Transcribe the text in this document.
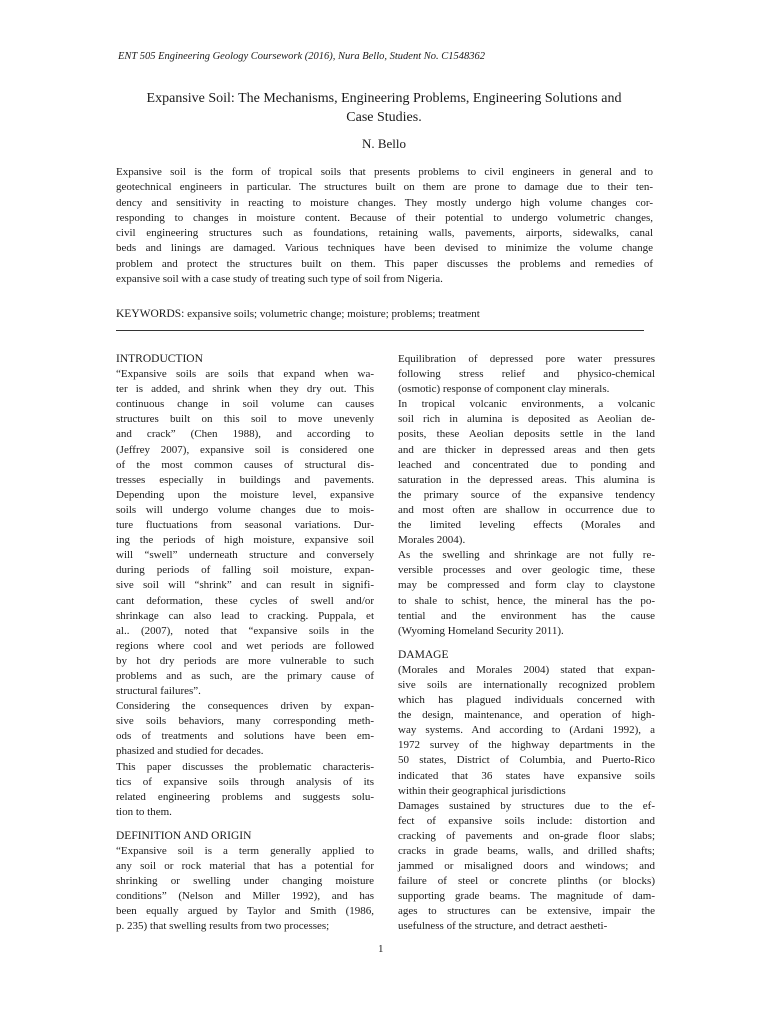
ENT 505 Engineering Geology Coursework (2016), Nura Bello, Student No. C1548362
Expansive Soil: The Mechanisms, Engineering Problems, Engineering Solutions and
Case Studies.
N. Bello
Expansive soil is the form of tropical soils that presents problems to civil engineers in general and to
geotechnical engineers in particular. The structures built on them are prone to damage due to their ten-
dency and sensitivity in reacting to moisture changes. They mostly undergo high volume changes cor-
responding to changes in moisture content. Because of their potential to undergo volumetric changes,
civil engineering structures such as foundations, retaining walls, pavements, airports, sidewalks, canal
beds and linings are damaged. Various techniques have been devised to minimize the volume change
problem and protect the structures built on them. This paper discusses the problems and remedies of
expansive soil with a case study of treating such type of soil from Nigeria.
KEYWORDS: expansive soils; volumetric change; moisture; problems; treatment
INTRODUCTION
“Expansive soils are soils that expand when wa-
ter is added, and shrink when they dry out. This
continuous change in soil volume can causes
structures built on this soil to move unevenly
and crack” (Chen 1988), and according to
(Jeffrey 2007), expansive soil is considered one
of the most common causes of structural dis-
tresses especially in buildings and pavements.
Depending upon the moisture level, expansive
soils will undergo volume changes due to mois-
ture fluctuations from seasonal variations. Dur-
ing the periods of high moisture, expansive soil
will “swell” underneath structure and conversely
during periods of falling soil moisture, expan-
sive soil will “shrink” and can result in signifi-
cant deformation, these cycles of swell and/or
shrinkage can also lead to cracking. Puppala, et
al.. (2007), noted that “expansive soils in the
regions where cool and wet periods are followed
by hot dry periods are more vulnerable to such
problems and as such, are the primary cause of
structural failures”.
Considering the consequences driven by expan-
sive soils behaviors, many corresponding meth-
ods of treatments and solutions have been em-
phasized and studied for decades.
This paper discusses the problematic characteris-
tics of expansive soils through analysis of its
related engineering problems and suggests solu-
tion to them.
DEFINITION AND ORIGIN
“Expansive soil is a term generally applied to
any soil or rock material that has a potential for
shrinking or swelling under changing moisture
conditions” (Nelson and Miller 1992), and has
been equally argued by Taylor and Smith (1986,
p. 235) that swelling results from two processes;
Equilibration of depressed pore water pressures
following stress relief and physico-chemical
(osmotic) response of component clay minerals.
In tropical volcanic environments, a volcanic
soil rich in alumina is deposited as Aeolian de-
posits, these Aeolian deposits settle in the land
and are thicker in depressed areas and then gets
leached and concentrated due to ponding and
saturation in the depressed areas. This alumina is
the primary source of the expansive tendency
and most often are shallow in occurrence due to
the limited leveling effects (Morales and
Morales 2004).
As the swelling and shrinkage are not fully re-
versible processes and over geologic time, these
may be compressed and form clay to claystone
to shale to schist, hence, the mineral has the po-
tential and the environment has the cause
(Wyoming Homeland Security 2011).
DAMAGE
(Morales and Morales 2004) stated that expan-
sive soils are internationally recognized problem
which has plagued individuals concerned with
the design, maintenance, and operation of high-
way systems. And according to (Ardani 1992), a
1972 survey of the highway departments in the
50 states, District of Columbia, and Puerto-Rico
indicated that 36 states have expansive soils
within their geographical jurisdictions
Damages sustained by structures due to the ef-
fect of expansive soils include: distortion and
cracking of pavements and on-grade floor slabs;
cracks in grade beams, walls, and drilled shafts;
jammed or misaligned doors and windows; and
failure of steel or concrete plinths (or blocks)
supporting grade beams. The magnitude of dam-
ages to structures can be extensive, impair the
usefulness of the structure, and detract aestheti-
1
